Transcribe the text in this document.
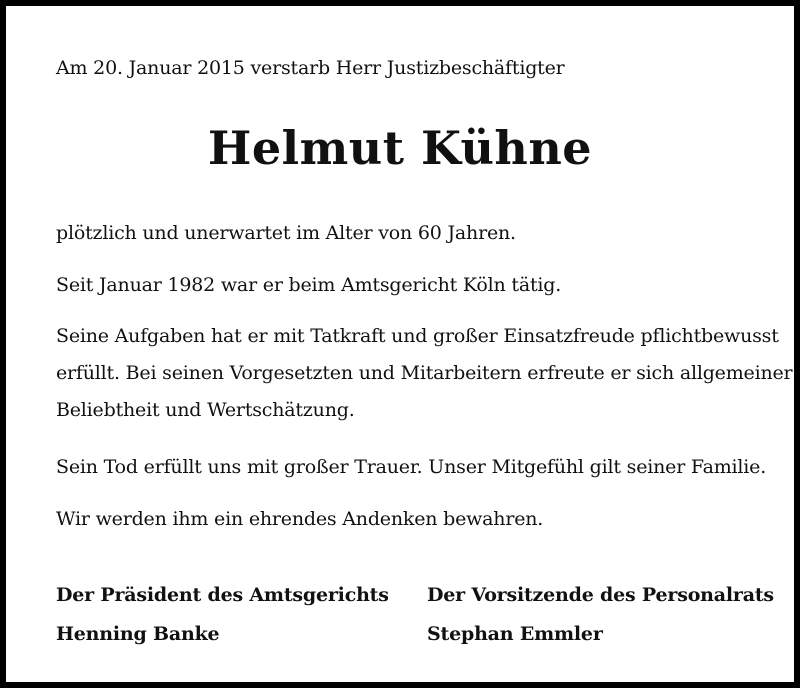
Am 20. Januar 2015 verstarb Herr Justizbeschäftigter
Helmut Kühne
plötzlich und unerwartet im Alter von 60 Jahren.
Seit Januar 1982 war er beim Amtsgericht Köln tätig.
Seine Aufgaben hat er mit Tatkraft und großer Einsatzfreude pflichtbewusst
erfüllt. Bei seinen Vorgesetzten und Mitarbeitern erfreute er sich allgemeiner
Beliebtheit und Wertschätzung.
Sein Tod erfüllt uns mit großer Trauer. Unser Mitgefühl gilt seiner Familie.
Wir werden ihm ein ehrendes Andenken bewahren.
Der Präsident des Amtsgerichts
Henning Banke
Der Vorsitzende des Personalrats
Stephan Emmler
